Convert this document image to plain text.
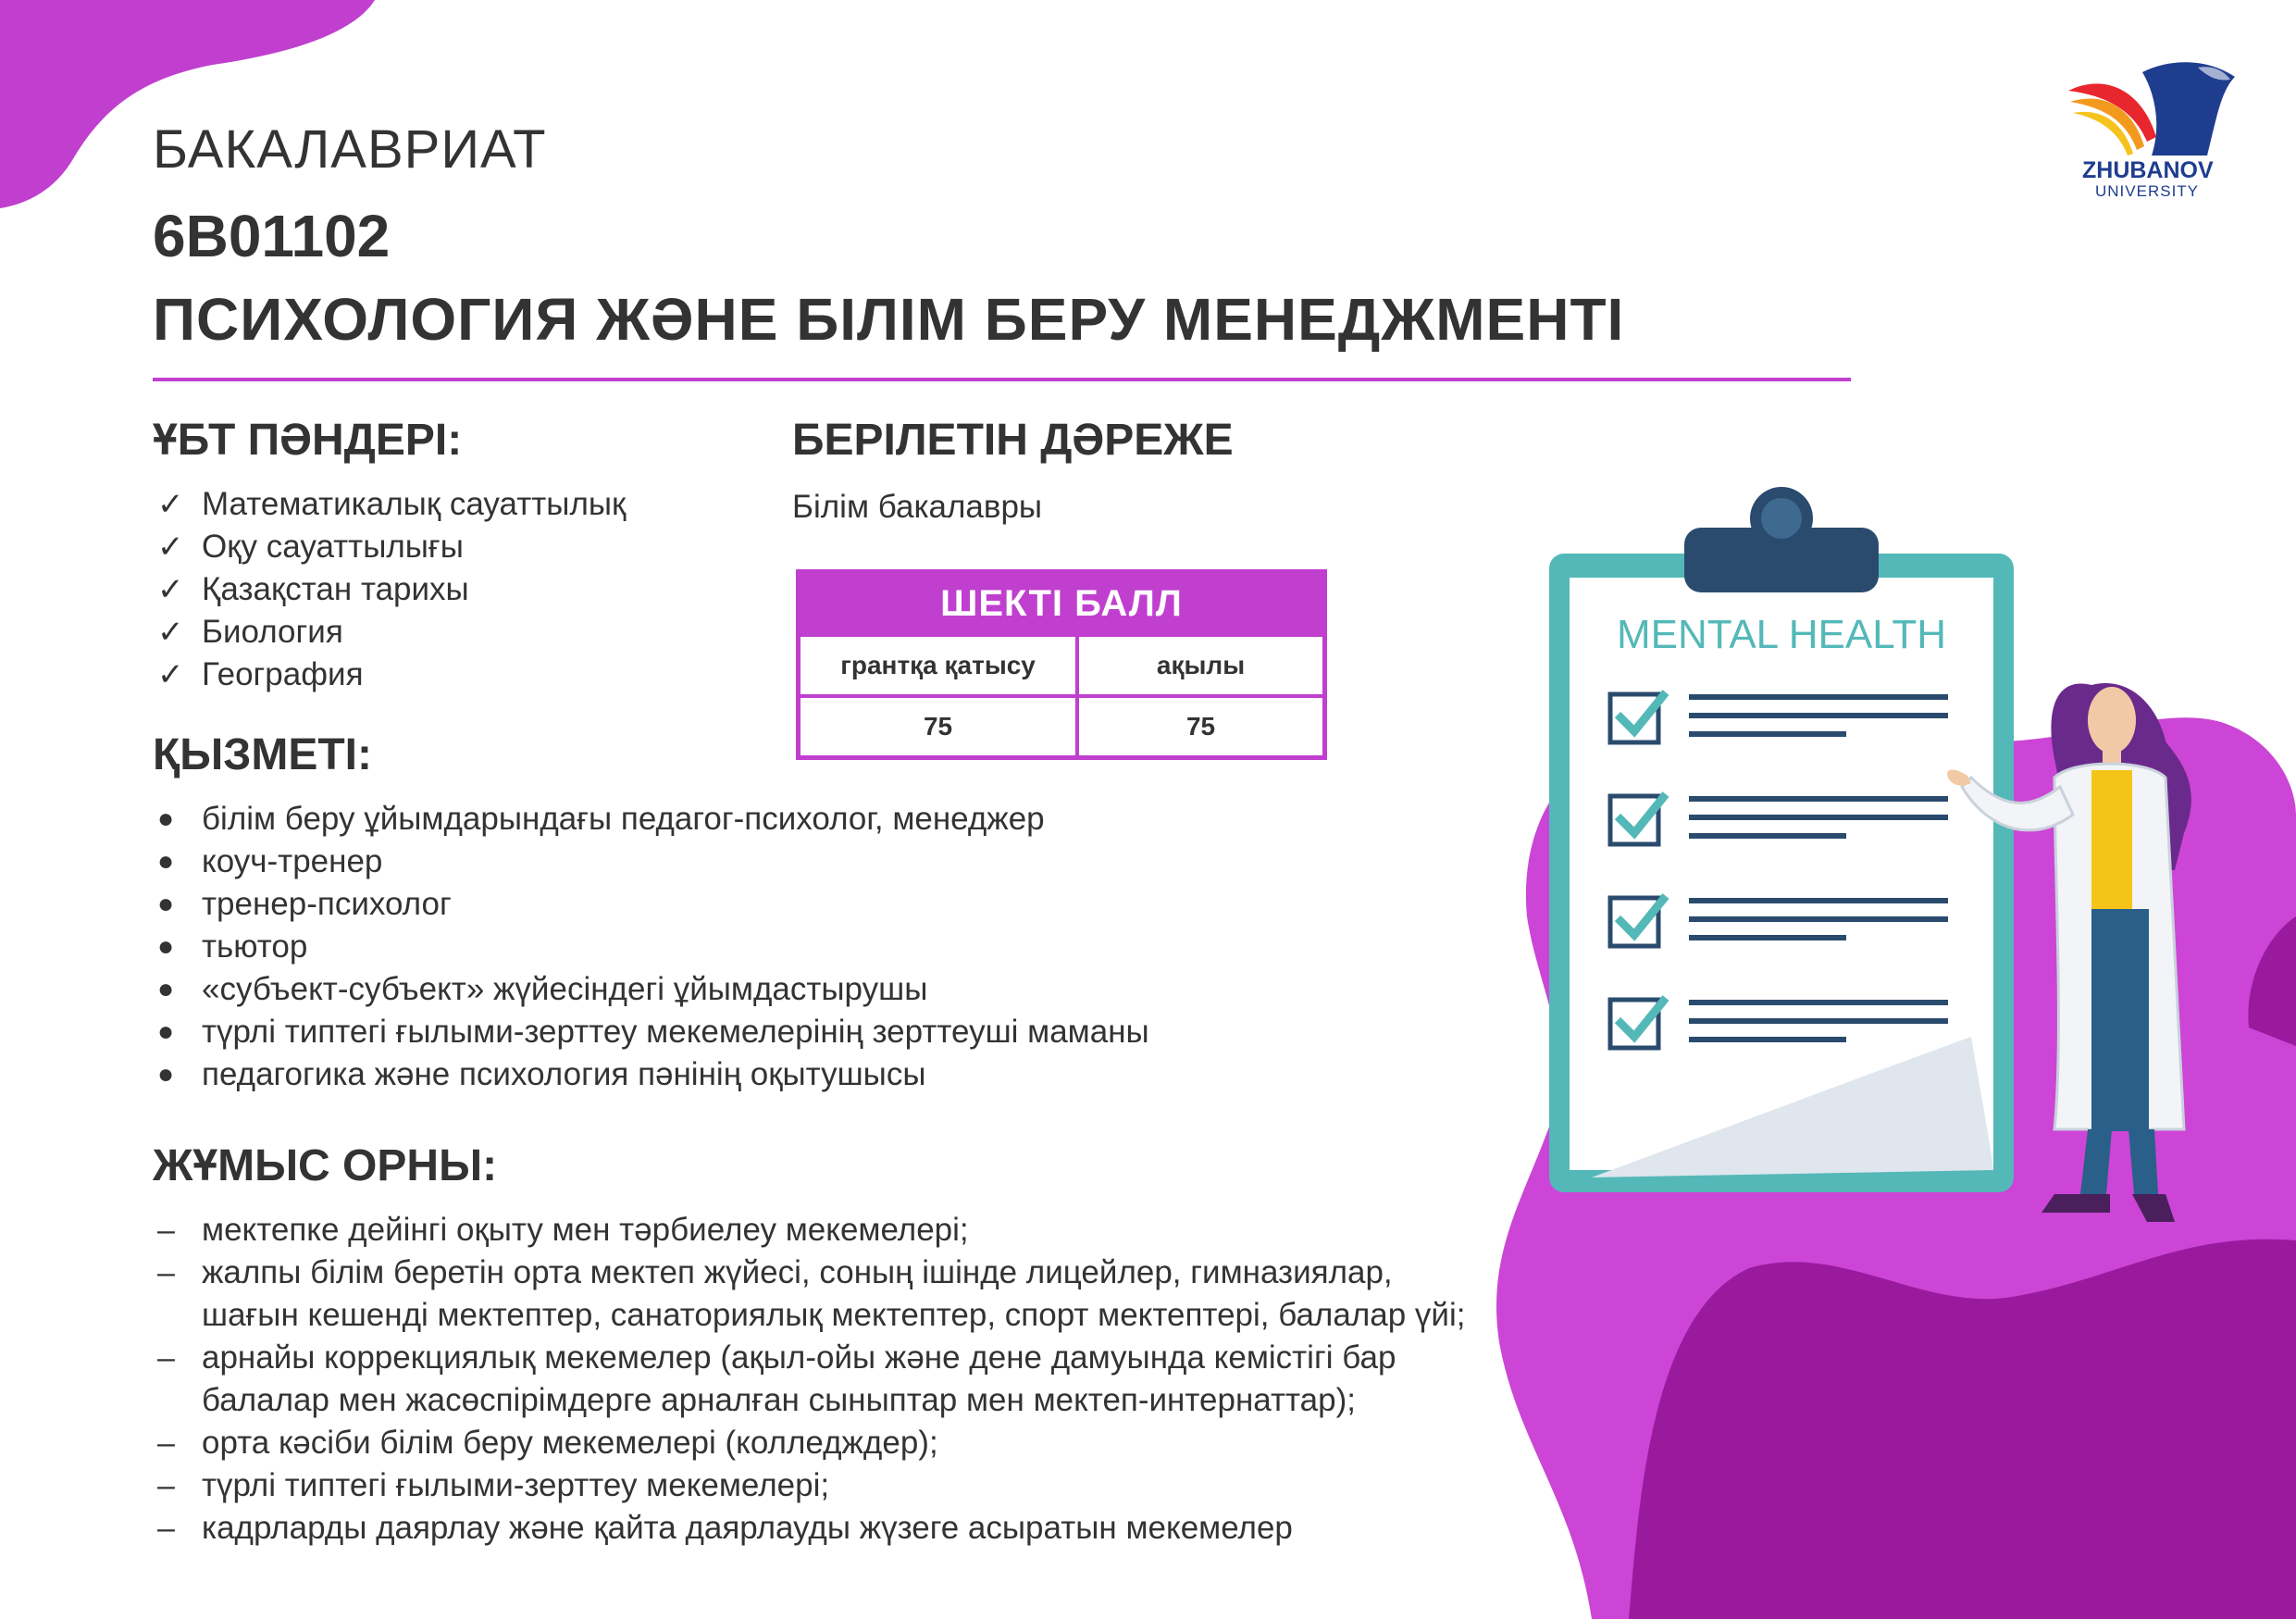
БАКАЛАВРИАТ
6В01102
ПСИХОЛОГИЯ ЖӘНЕ БІЛІМ БЕРУ МЕНЕДЖМЕНТІ
ZHUBANOV
UNIVERSITY
ҰБТ ПӘНДЕРІ:
✓ Математикалық сауаттылық
✓ Оқу сауаттылығы
✓ Қазақстан тарихы
✓ Биология
✓ География
БЕРІЛЕТІН ДӘРЕЖЕ
Білім бакалавры
ШЕКТІ БАЛЛ	
грантқа қатысу	ақылы
75	75
ҚЫЗМЕТІ:
● білім беру ұйымдарындағы педагог-психолог, менеджер
● коуч-тренер
● тренер-психолог
● тьютор
● «субъект-субъект» жүйесіндегі ұйымдастырушы
● түрлі типтегі ғылыми-зерттеу мекемелерінің зерттеуші маманы
● педагогика және психология пәнінің оқытушысы
ЖҰМЫС ОРНЫ:
– мектепке дейінгі оқыту мен тәрбиелеу мекемелері;
– жалпы білім беретін орта мектеп жүйесі, соның ішінде лицейлер, гимназиялар,
шағын кешенді мектептер, санаториялық мектептер, спорт мектептері, балалар үйі;
– арнайы коррекциялық мекемелер (ақыл-ойы және дене дамуында кемістігі бар
балалар мен жасөспірімдерге арналған сыныптар мен мектеп-интернаттар);
– орта кәсіби білім беру мекемелері (колледждер);
– түрлі типтегі ғылыми-зерттеу мекемелері;
– кадрларды даярлау және қайта даярлауды жүзеге асыратын мекемелер
MENTAL HEALTH
